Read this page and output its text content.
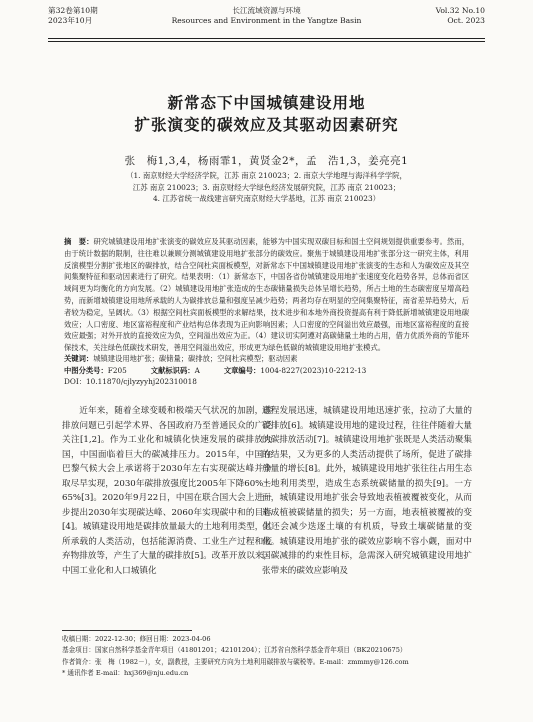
第32卷第10期
2023年10月
长江流域资源与环境
Resources and Environment in the Yangtze Basin
Vol.32 No.10
Oct. 2023
新常态下中国城镇建设用地
扩张演变的碳效应及其驱动因素研究
张　梅1,3,4，杨雨霏1，黄贤金2*，孟　浩1,3，姜亮亮1
（1. 南京财经大学经济学院，江苏 南京 210023；2. 南京大学地理与海洋科学学院，
江苏 南京 210023；3. 南京财经大学绿色经济发展研究院，江苏 南京 210023；
4. 江苏省统一战线建言研究南京财经大学基地，江苏 南京 210023）
摘　要：研究城镇建设用地扩张演变的碳效应及其驱动因素，能够为中国实现双碳目标和国土空间规划提供重要参考。然而，由于统计数据的限制，往往难以兼顾分测城镇建设用地扩张部分的碳效应。聚焦于城镇建设用地扩张部分这一研究主体，利用反演模型分割扩张地区的碳排放，结合空间杜宾面板模型，对新常态下中国城镇建设用地扩张演变的生态和人为碳效应及其空间集聚特征和驱动因素进行了研究。结果表明：（1）新常态下，中国各省份城镇建设用地扩张速度变化趋势各异，总体而省区域间更为均衡化的方向发展。（2）城镇建设用地扩张造成的生态碳储量损失总体呈增长趋势，所占土地的生态碳密度呈增高趋势，而新增城镇建设用地所承载的人为碳排放总量和强度呈减少趋势；两者均存在明显的空间集聚特征，南省差异趋势大，后者较为稳定，呈阔状。（3）根据空间杜宾面板模型的求解结果，技术进步和本地外商投资提高有利于降低新增城镇建设用地碳效应；人口密度、地区富裕程度和产业结构总体表现为正向影响因素；人口密度的空间溢出效应最强，而地区富裕程度的直接效应最强；对外开放的直接效应为负，空间溢出效应为正。（4）建议切实阿遵对高碳储量土地的占用，借力优质外商的节能环保技术，关注绿色低碳技术研发，善用空间溢出效应，形成更为绿色低碳的城镇建设用地扩张模式。
关键词：城镇建设用地扩张；碳储量；碳排放；空间杜宾模型；驱动因素
中图分类号：F205	文献标识码：A	文章编号：1004-8227(2023)10-2212-13
DOI：10.11870/cjlyzyyhj202310018
近年来，随着全球变暖和极端天气状况的加剧，碳排放问题已引起学术界、各国政府乃至普通民众的广泛关注[1,2]。作为工业化和城镇化快速发展的碳排放大国，中国面临着巨大的碳减排压力。2015年，中国在巴黎气候大会上承诺将于2030年左右实现碳达峰并争取尽早实现，2030年碳排放强度比2005年下降60%～65%[3]。2020年9月22日，中国在联合国大会上进一步提出2030年实现碳达峰、2060年实现碳中和的目标[4]。城镇建设用地是碳排放量最大的土地利用类型，其所承载的人类活动，包括能源消费、工业生产过程和废弃物排放等，产生了大量的碳排放[5]。改革开放以来，中国工业化和人口城镇化
进程发展迅速，城镇建设用地迅速扩张，拉动了大量的碳排放[6]。城镇建设用地的建设过程，往往伴随着大量的碳排放活动[7]。城镇建设用地扩张既是人类活动聚集的结果，又为更多的人类活动提供了场所，促进了碳排放量的增长[8]。此外，城镇建设用地扩张往往占用生态土地利用类型，造成生态系统碳储量的损失[9]。一方面，城镇建设用地扩张会导致地表植被覆被变化，从而造成植被碳储量的损失；另一方面，地表植被覆被的变化还会减少迭逐土壤的有机质，导致土壤碳储量的变化。城镇建设用地扩张的碳效应影响不容小觑，面对中国碳减排的约束性目标，急需深入研究城镇建设用地扩张带来的碳效应影响及
收稿日期：2022-12-30；修回日期：2023-04-06
基金项目：国家自然科学基金青年项目（41801201；42101204）；江苏省自然科学基金青年项目（BK20210675）
作者简介：张　梅（1982－），女，副教授，主要研究方向为土地利用碳排放与碳税等。E-mail：zmmmy@126.com
* 通讯作者 E-mail：hxj369@nju.edu.cn
